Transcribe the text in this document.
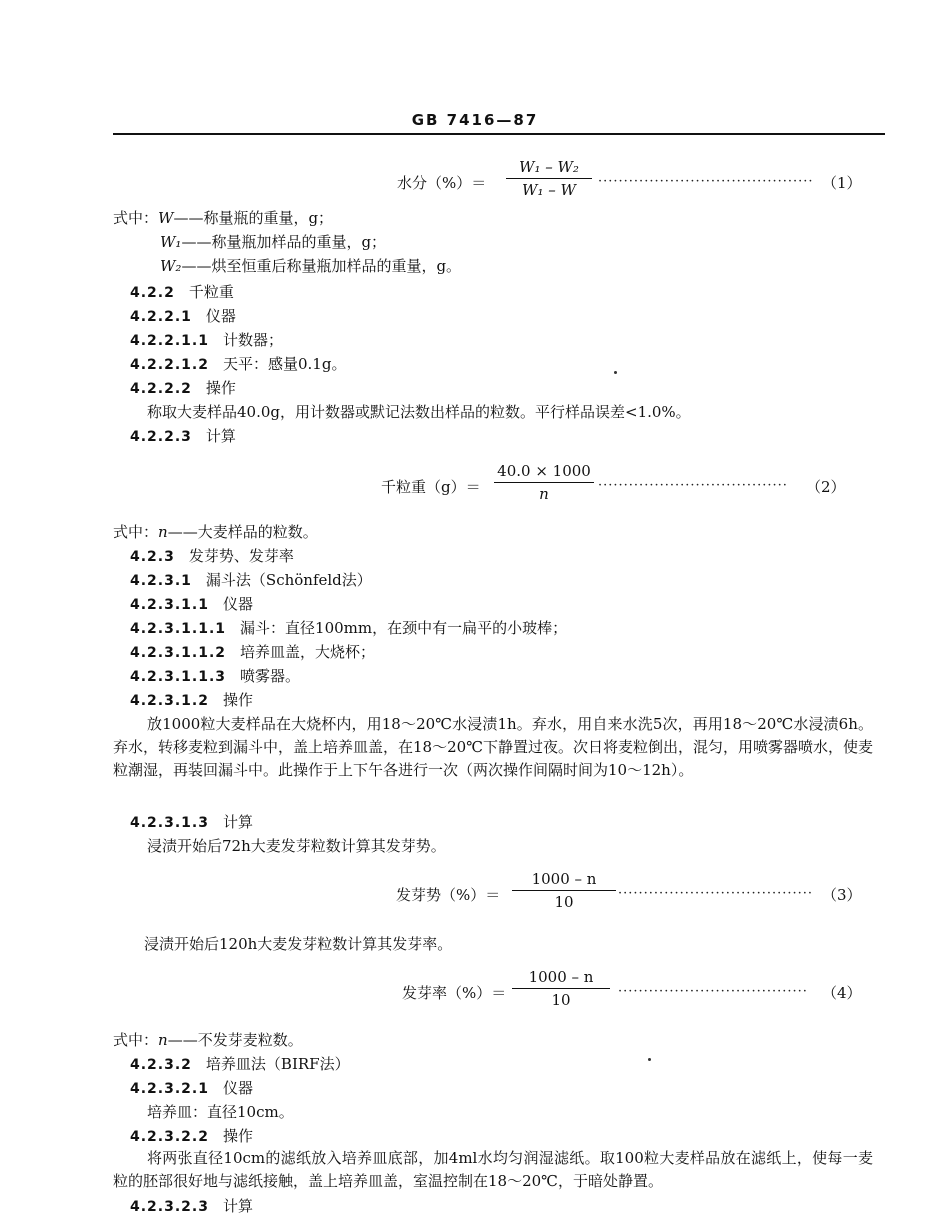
GB 7416—87
水分（%）＝
W₁ – W₂
W₁ – W	·········································· （1）
式中：W——称量瓶的重量，g；
W₁——称量瓶加样品的重量，g；
W₂——烘至恒重后称量瓶加样品的重量，g。
4.2.2 千粒重
4.2.2.1 仪器
4.2.2.1.1 计数器；
4.2.2.1.2 天平：感量0.1g。
4.2.2.2 操作
称取大麦样品40.0g，用计数器或默记法数出样品的粒数。平行样品误差<1.0%。
4.2.2.3 计算
千粒重（g）＝
40.0 × 1000
n	····································· （2）
式中：n——大麦样品的粒数。
4.2.3 发芽势、发芽率
4.2.3.1 漏斗法（Schönfeld法）
4.2.3.1.1 仪器
4.2.3.1.1.1 漏斗：直径100mm，在颈中有一扁平的小玻棒；
4.2.3.1.1.2 培养皿盖，大烧杯；
4.2.3.1.1.3 喷雾器。
4.2.3.1.2 操作
放1000粒大麦样品在大烧杯内，用18～20℃水浸渍1h。弃水，用自来水洗5次，再用18～20℃水浸渍6h。弃水，转移麦粒到漏斗中，盖上培养皿盖，在18～20℃下静置过夜。次日将麦粒倒出，混匀，用喷雾器喷水，使麦粒潮湿，再装回漏斗中。此操作于上下午各进行一次（两次操作间隔时间为10～12h）。
4.2.3.1.3 计算
浸渍开始后72h大麦发芽粒数计算其发芽势。
发芽势（%）＝
1000 – n
10	······································ （3）
浸渍开始后120h大麦发芽粒数计算其发芽率。
发芽率（%）＝
1000 – n
10	····································· （4）
式中：n——不发芽麦粒数。
4.2.3.2 培养皿法（BIRF法）
4.2.3.2.1 仪器
培养皿：直径10cm。
4.2.3.2.2 操作
将两张直径10cm的滤纸放入培养皿底部，加4ml水均匀润湿滤纸。取100粒大麦样品放在滤纸上，使每一麦粒的胚部很好地与滤纸接触，盖上培养皿盖，室温控制在18～20℃，于暗处静置。
4.2.3.2.3 计算
